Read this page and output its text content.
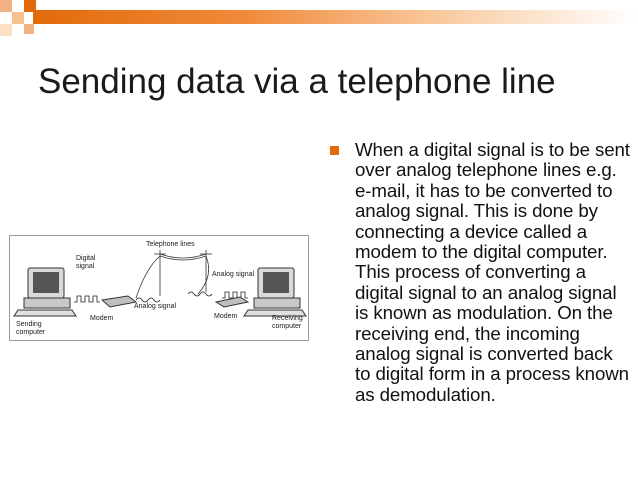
Sending data via a telephone line
Telephone lines
Digital
signal
Analog signal
Analog signal
Modem	Modem
Sending
computer
Receiving
computer
When a digital signal is to be sent over analog telephone lines e.g. e-mail, it has to be converted to analog signal. This is done by connecting a device called a modem to the digital computer. This process of converting a digital signal to an analog signal is known as modulation. On the receiving end, the incoming analog signal is converted back to digital form in a process known as demodulation.
